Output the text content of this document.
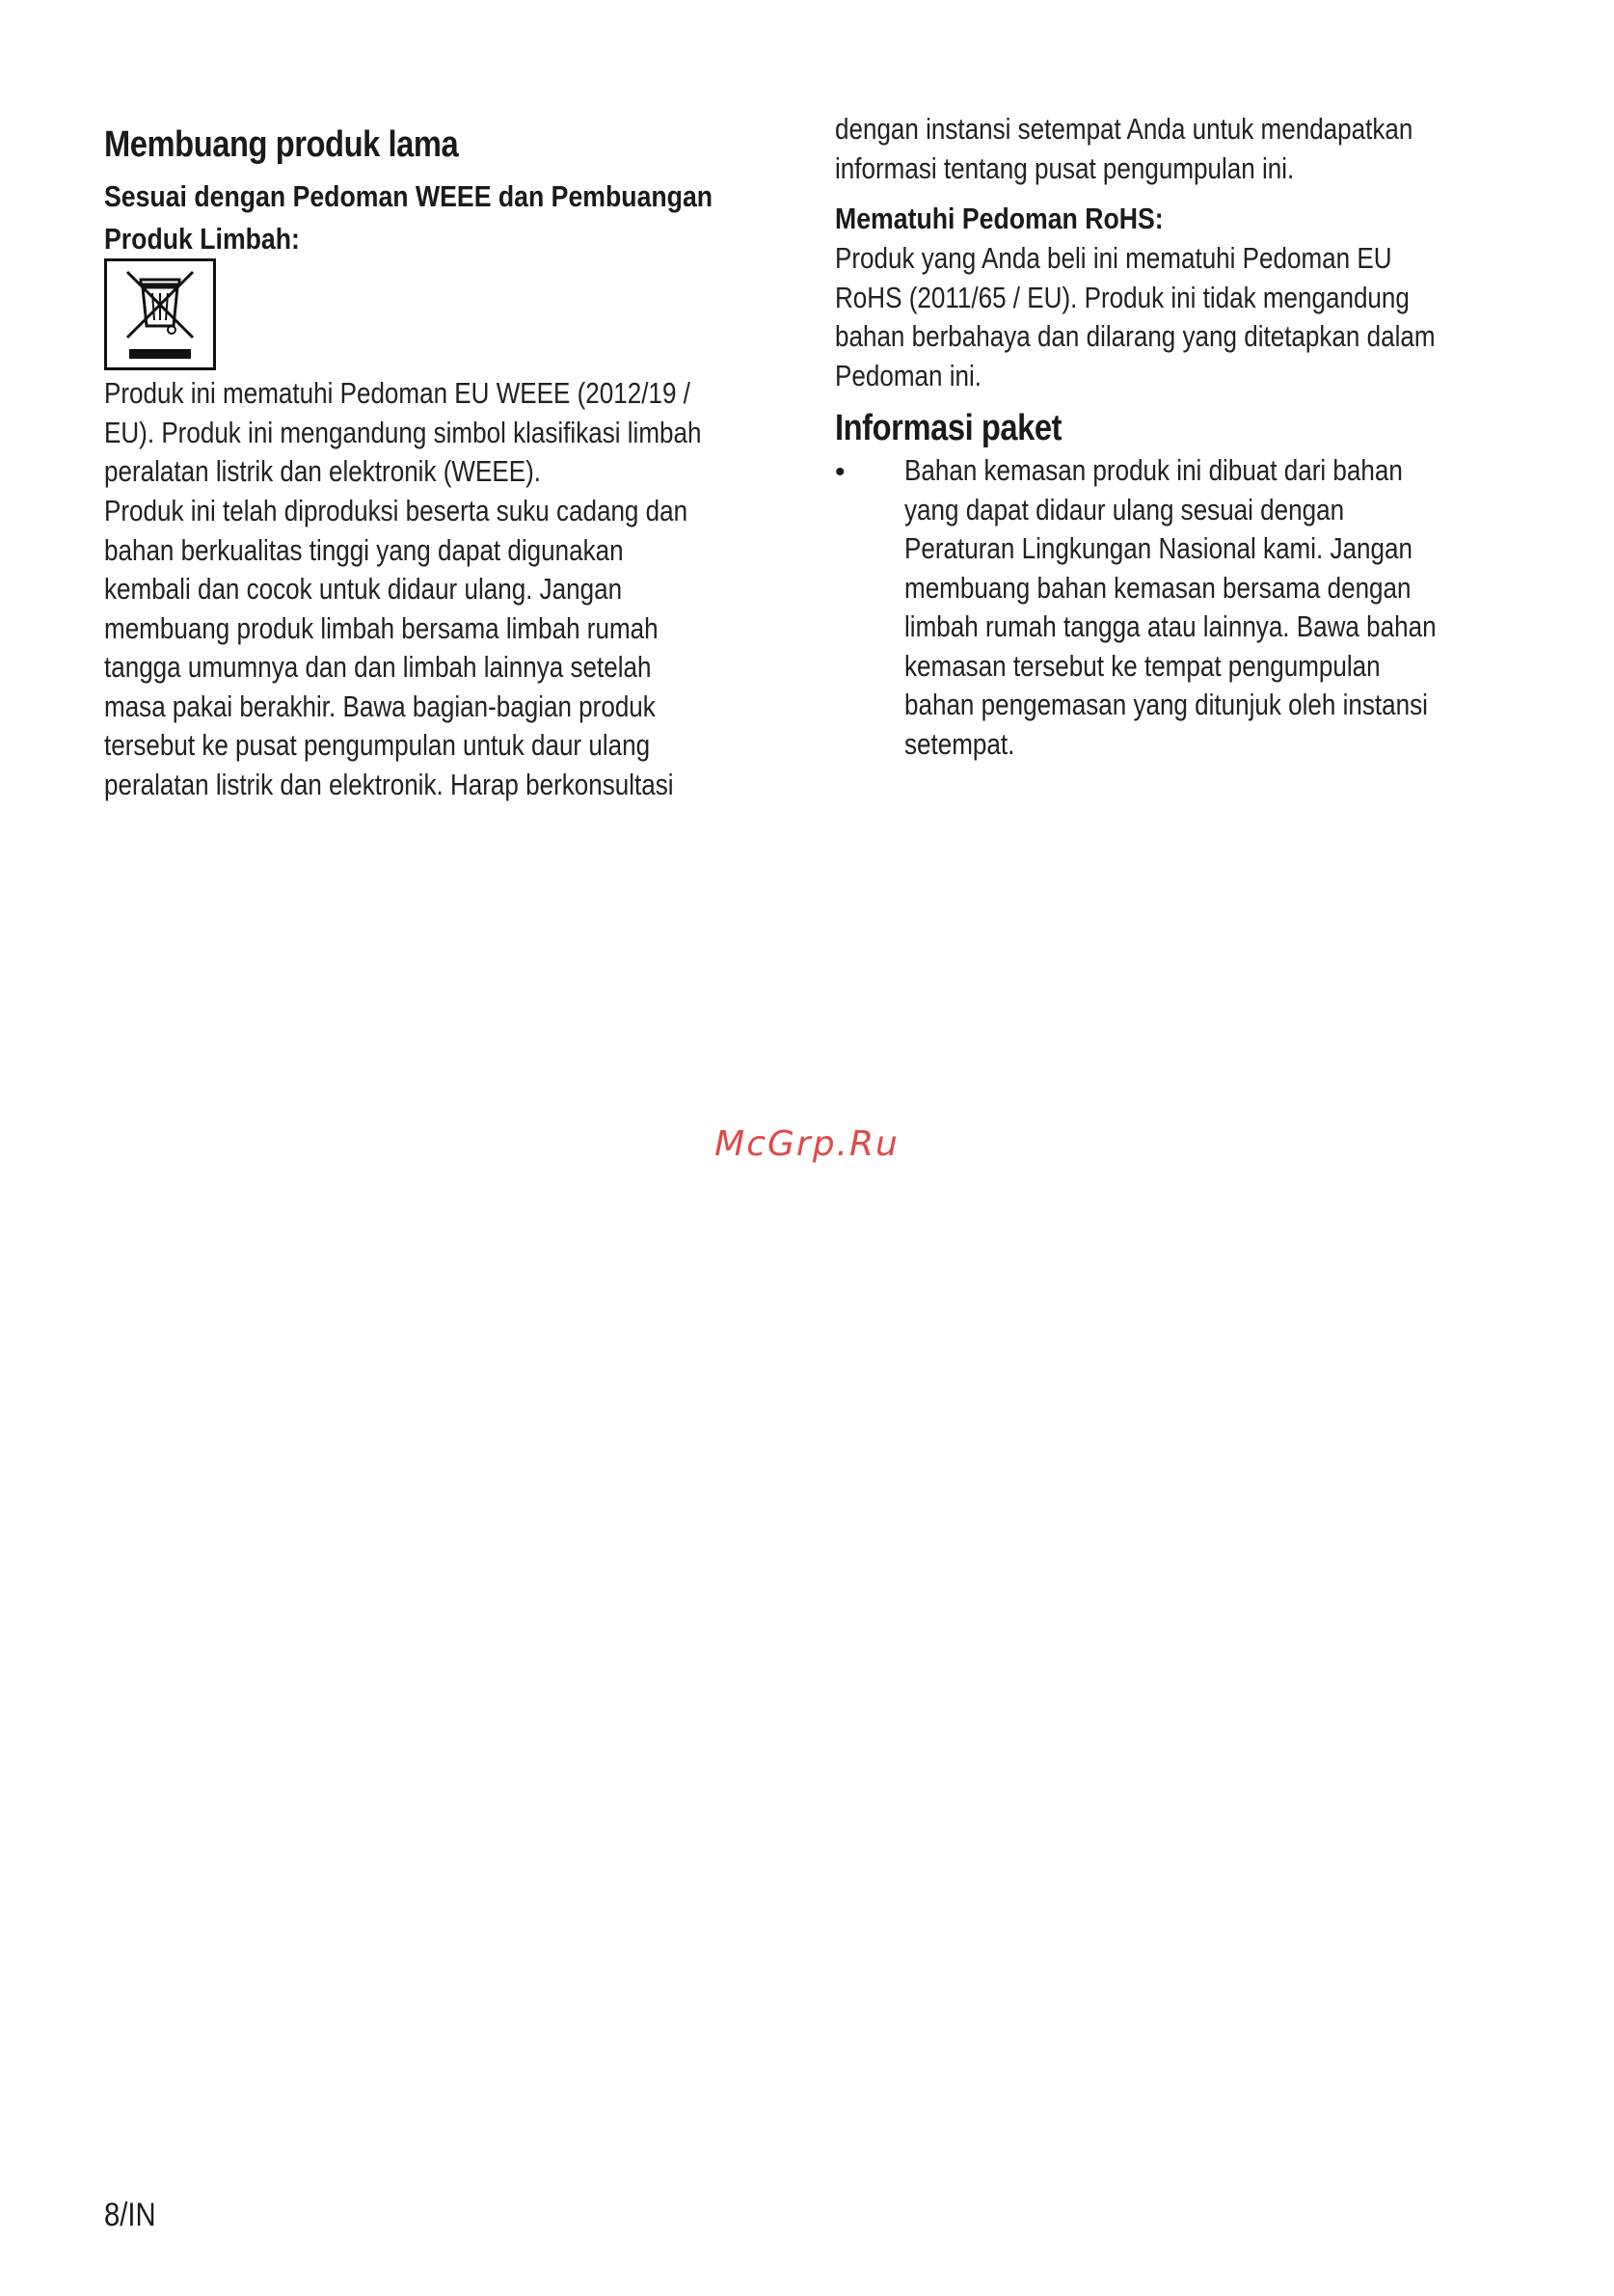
Membuang produk lama

Sesuai dengan Pedoman WEEE dan Pembuangan
Produk Limbah:

Produk ini mematuhi Pedoman EU WEEE (2012/19 /
EU). Produk ini mengandung simbol klasifikasi limbah
peralatan listrik dan elektronik (WEEE).

Produk ini telah diproduksi beserta suku cadang dan
bahan berkualitas tinggi yang dapat digunakan
kembali dan cocok untuk didaur ulang. Jangan
membuang produk limbah bersama limbah rumah
tangga umumnya dan dan limbah lainnya setelah
masa pakai berakhir. Bawa bagian-bagian produk
tersebut ke pusat pengumpulan untuk daur ulang
peralatan listrik dan elektronik. Harap berkonsultasi

dengan instansi setempat Anda untuk mendapatkan
informasi tentang pusat pengumpulan ini.

Mematuhi Pedoman RoHS:

Produk yang Anda beli ini mematuhi Pedoman EU
RoHS (2011/65 / EU). Produk ini tidak mengandung
bahan berbahaya dan dilarang yang ditetapkan dalam
Pedoman ini.

Informasi paket
• Bahan kemasan produk ini dibuat dari bahan
yang dapat didaur ulang sesuai dengan
Peraturan Lingkungan Nasional kami. Jangan
membuang bahan kemasan bersama dengan
limbah rumah tangga atau lainnya. Bawa bahan
kemasan tersebut ke tempat pengumpulan
bahan pengemasan yang ditunjuk oleh instansi
setempat.

McGrp.Ru
8/IN
